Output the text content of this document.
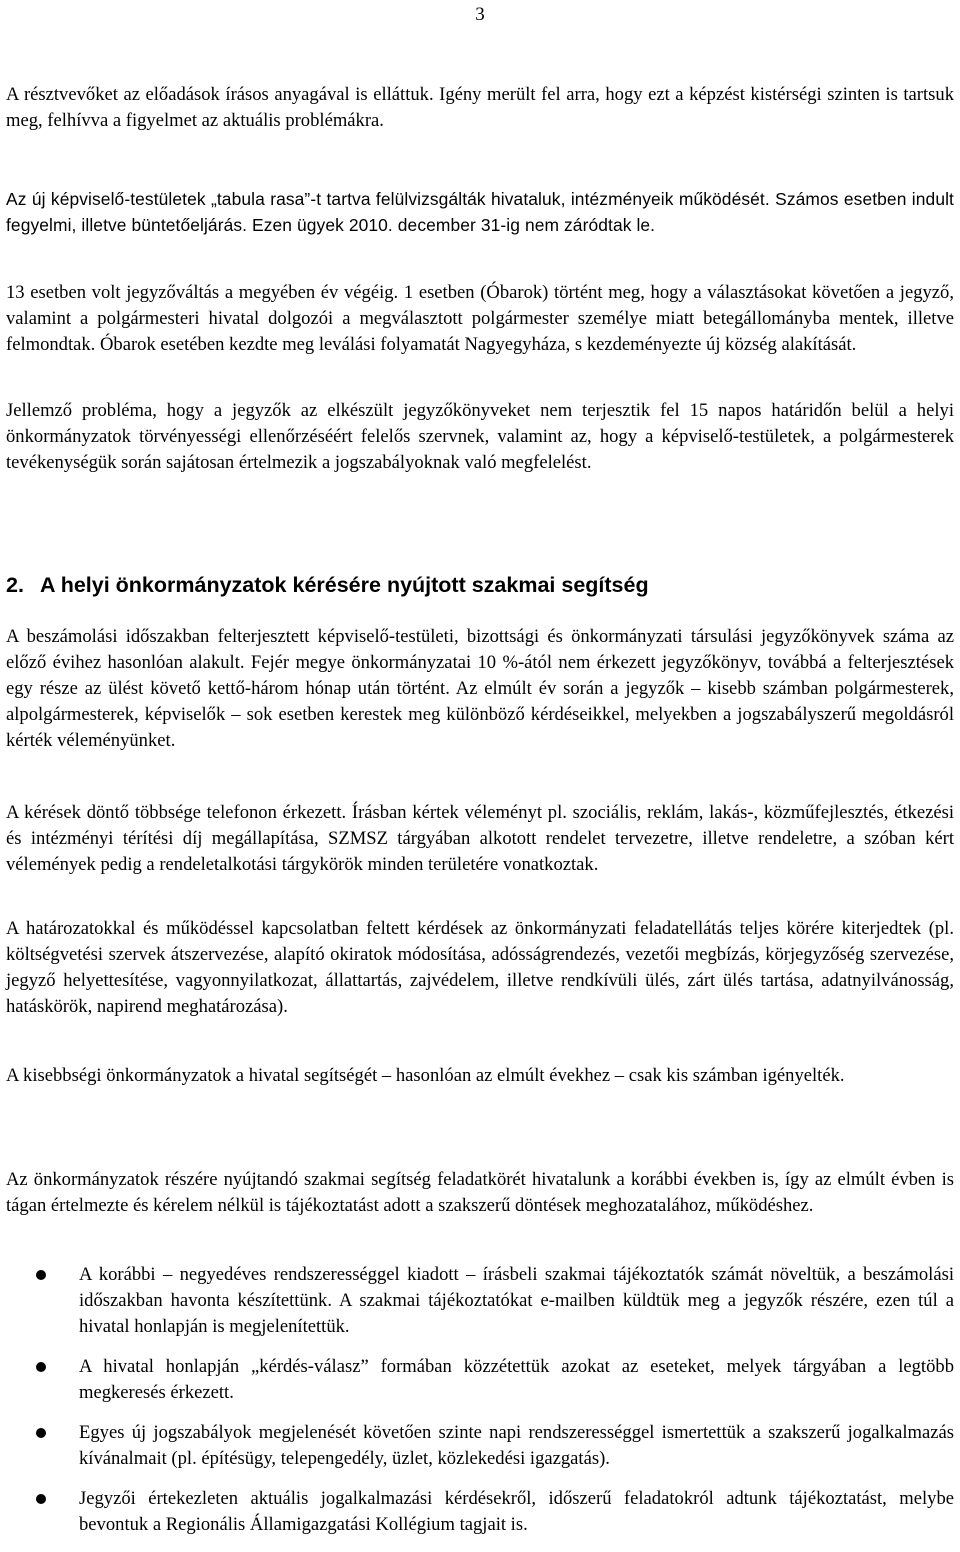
3

A résztvevőket az előadások írásos anyagával is elláttuk. Igény merült fel arra, hogy ezt a képzést kistérségi szinten is tartsuk meg, felhívva a figyelmet az aktuális problémákra.

Az új képviselő-testületek „tabula rasa”-t tartva felülvizsgálták hivataluk, intézményeik működését. Számos esetben indult fegyelmi, illetve büntetőeljárás. Ezen ügyek 2010. december 31-ig nem záródtak le.

13 esetben volt jegyzőváltás a megyében év végéig. 1 esetben (Óbarok) történt meg, hogy a választásokat követően a jegyző, valamint a polgármesteri hivatal dolgozói a megválasztott polgármester személye miatt betegállományba mentek, illetve felmondtak. Óbarok esetében kezdte meg leválási folyamatát Nagyegyháza, s kezdeményezte új község alakítását.

Jellemző probléma, hogy a jegyzők az elkészült jegyzőkönyveket nem terjesztik fel 15 napos határidőn belül a helyi önkormányzatok törvényességi ellenőrzéséért felelős szervnek, valamint az, hogy a képviselő-testületek, a polgármesterek tevékenységük során sajátosan értelmezik a jogszabályoknak való megfelelést.

2. A helyi önkormányzatok kérésére nyújtott szakmai segítség

A beszámolási időszakban felterjesztett képviselő-testületi, bizottsági és önkormányzati társulási jegyzőkönyvek száma az előző évihez hasonlóan alakult. Fejér megye önkormányzatai 10 %-ától nem érkezett jegyzőkönyv, továbbá a felterjesztések egy része az ülést követő kettő-három hónap után történt. Az elmúlt év során a jegyzők – kisebb számban polgármesterek, alpolgármesterek, képviselők – sok esetben kerestek meg különböző kérdéseikkel, melyekben a jogszabályszerű megoldásról kérték véleményünket.

A kérések döntő többsége telefonon érkezett. Írásban kértek véleményt pl. szociális, reklám, lakás-, közműfejlesztés, étkezési és intézményi térítési díj megállapítása, SZMSZ tárgyában alkotott rendelet tervezetre, illetve rendeletre, a szóban kért vélemények pedig a rendeletalkotási tárgykörök minden területére vonatkoztak.

A határozatokkal és működéssel kapcsolatban feltett kérdések az önkormányzati feladatellátás teljes körére kiterjedtek (pl. költségvetési szervek átszervezése, alapító okiratok módosítása, adósságrendezés, vezetői megbízás, körjegyzőség szervezése, jegyző helyettesítése, vagyonnyilatkozat, állattartás, zajvédelem, illetve rendkívüli ülés, zárt ülés tartása, adatnyilvánosság, hatáskörök, napirend meghatározása).

A kisebbségi önkormányzatok a hivatal segítségét – hasonlóan az elmúlt évekhez – csak kis számban igényelték.

Az önkormányzatok részére nyújtandó szakmai segítség feladatkörét hivatalunk a korábbi években is, így az elmúlt évben is tágan értelmezte és kérelem nélkül is tájékoztatást adott a szakszerű döntések meghozatalához, működéshez.

A korábbi – negyedéves rendszerességgel kiadott – írásbeli szakmai tájékoztatók számát növeltük, a beszámolási időszakban havonta készítettünk. A szakmai tájékoztatókat e-mailben küldtük meg a jegyzők részére, ezen túl a hivatal honlapján is megjelenítettük.
A hivatal honlapján „kérdés-válasz” formában közzétettük azokat az eseteket, melyek tárgyában a legtöbb megkeresés érkezett.
Egyes új jogszabályok megjelenését követően szinte napi rendszerességgel ismertettük a szakszerű jogalkalmazás kívánalmait (pl. építésügy, telepengedély, üzlet, közlekedési igazgatás).
Jegyzői értekezleten aktuális jogalkalmazási kérdésekről, időszerű feladatokról adtunk tájékoztatást, melybe bevontuk a Regionális Államigazgatási Kollégium tagjait is.
